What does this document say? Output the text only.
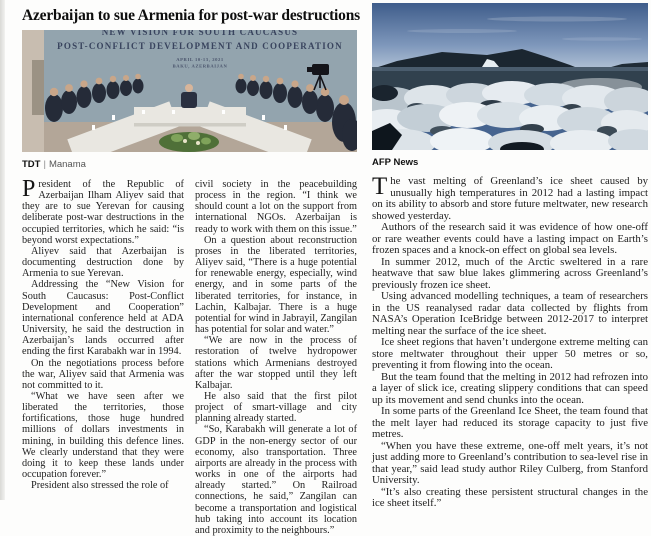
Azerbaijan to sue Armenia for post-war destructions
NEW VISION FOR SOUTH CAUCASUS
POST-CONFLICT DEVELOPMENT AND COOPERATION
APRIL 10-13, 2021
BAKU, AZERBAIJAN
TDT | Manama

President of the Republic of Azerbaijan Ilham Aliyev said that they are to sue Yerevan for causing deliberate post-war destructions in the occupied territories, which he said: “is beyond worst expectations.”

Aliyev said that Azerbaijan is documenting destruction done by Armenia to sue Yerevan.

Addressing the “New Vision for South Caucasus: Post-Conflict Development and Cooperation” international conference held at ADA University, he said the destruction in Azerbaijan’s lands occurred after ending the first Karabakh war in 1994.

On the negotiations process before the war, Aliyev said that Armenia was not committed to it.

“What we have seen after we liberated the territories, those fortifications, those huge hundred millions of dollars investments in mining, in building this defence lines. We clearly understand that they were doing it to keep these lands under occupation forever.”

President also stressed the role of

civil society in the peacebuilding process in the region. “I think we should count a lot on the support from international NGOs. Azerbaijan is ready to work with them on this issue.”

On a question about reconstruction proses in the liberated territories, Aliyev said, “There is a huge potential for renewable energy, especially, wind energy, and in some parts of the liberated territories, for instance, in Lachin, Kalbajar. There is a huge potential for wind in Jabrayil, Zangilan has potential for solar and water.”

“We are now in the process of restoration of twelve hydropower stations which Armenians destroyed after the war stopped until they left Kalbajar.

He also said that the first pilot project of smart-village and city planning already started.

“So, Karabakh will generate a lot of GDP in the non-energy sector of our economy, also transportation. Three airports are already in the process with works in one of the airports had already started.” On Railroad connections, he said,” Zangilan can become a transportation and logistical hub taking into account its location and proximity to the neighbours.”

AFP News

The vast melting of Greenland’s ice sheet caused by unusually high temperatures in 2012 had a lasting impact on its ability to absorb and store future meltwater, new research showed yesterday.

Authors of the research said it was evidence of how one-off or rare weather events could have a lasting impact on Earth’s frozen spaces and a knock-on effect on global sea levels.

In summer 2012, much of the Arctic sweltered in a rare heatwave that saw blue lakes glimmering across Greenland’s previously frozen ice sheet.

Using advanced modelling techniques, a team of researchers in the US reanalysed radar data collected by flights from NASA’s Operation IceBridge between 2012-2017 to interpret melting near the surface of the ice sheet.

Ice sheet regions that haven’t undergone extreme melting can store meltwater throughout their upper 50 metres or so, preventing it from flowing into the ocean.

But the team found that the melting in 2012 had refrozen into a layer of slick ice, creating slippery conditions that can speed up its movement and send chunks into the ocean.

In some parts of the Greenland Ice Sheet, the team found that the melt layer had reduced its storage capacity to just five metres.

“When you have these extreme, one-off melt years, it’s not just adding more to Greenland’s contribution to sea-level rise in that year,” said lead study author Riley Culberg, from Stanford University.

“It’s also creating these persistent structural changes in the ice sheet itself.”
